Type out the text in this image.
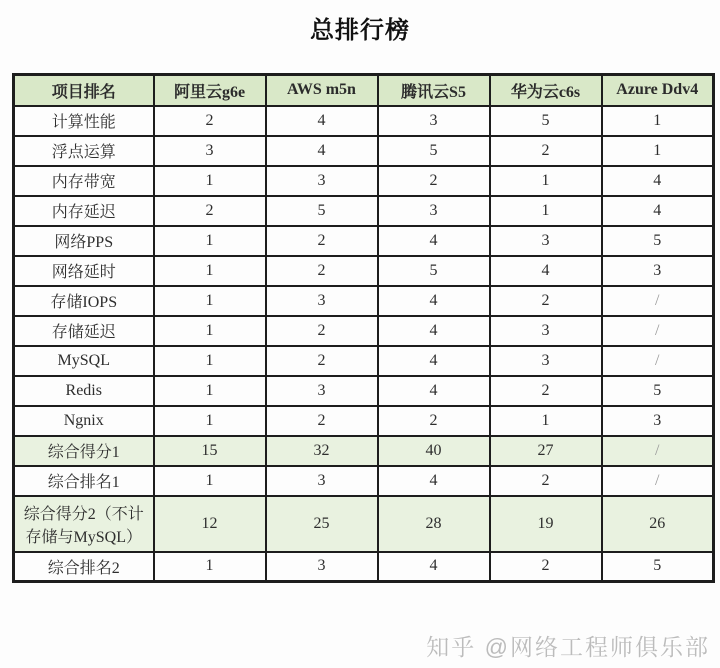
总排行榜
项目排名	阿里云g6e	AWS m5n	腾讯云S5	华为云c6s	Azure Ddv4
计算性能	2	4	3	5	1
浮点运算	3	4	5	2	1
内存带宽	1	3	2	1	4
内存延迟	2	5	3	1	4
网络PPS	1	2	4	3	5
网络延时	1	2	5	4	3
存储IOPS	1	3	4	2	/
存储延迟	1	2	4	3	/
MySQL	1	2	4	3	/
Redis	1	3	4	2	5
Ngnix	1	2	2	1	3
综合得分1	15	32	40	27	/
综合排名1	1	3	4	2	/
综合得分2（不计存储与MySQL）	12	25	28	19	26
综合排名2	1	3	4	2	5
知乎 @网络工程师俱乐部
